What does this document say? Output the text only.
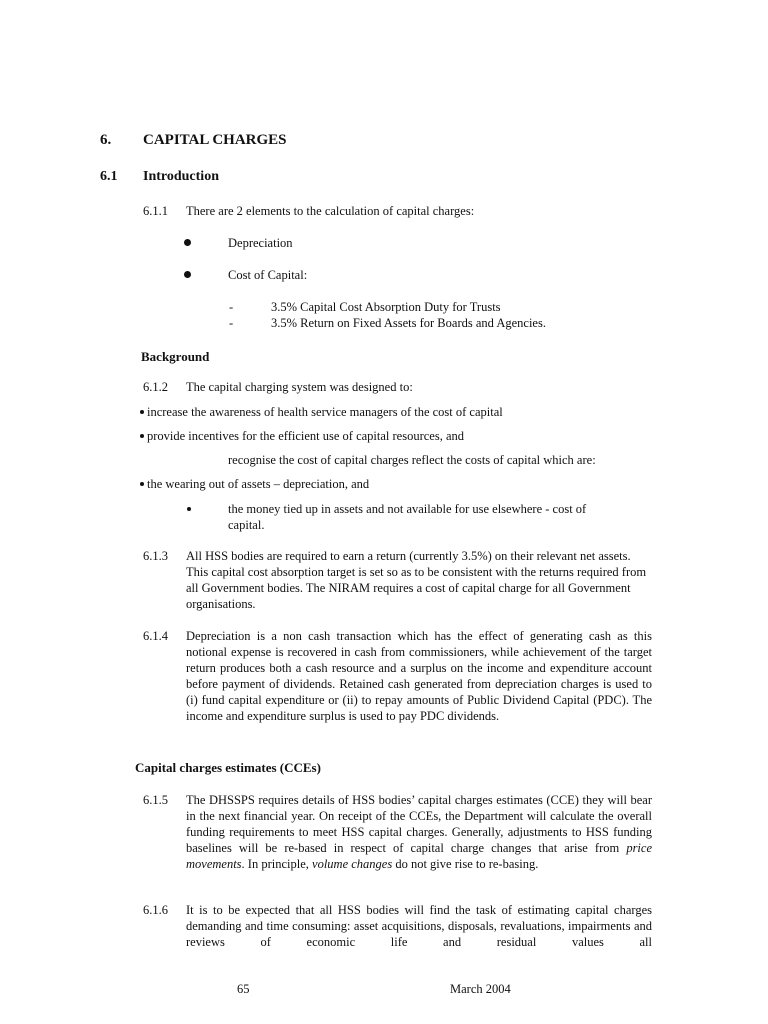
6. CAPITAL CHARGES
6.1 Introduction
6.1.1 There are 2 elements to the calculation of capital charges:
Depreciation
Cost of Capital:
-	3.5% Capital Cost Absorption Duty for Trusts
-	3.5% Return on Fixed Assets for Boards and Agencies.
Background
6.1.2 The capital charging system was designed to:
increase the awareness of health service managers of the cost of capital
provide incentives for the efficient use of capital resources, and
recognise the cost of capital charges reflect the costs of capital which are:
the wearing out of assets – depreciation, and
the money tied up in assets and not available for use elsewhere - cost of
capital.
6.1.3 All HSS bodies are required to earn a return (currently 3.5%) on their relevant net assets. This capital cost absorption target is set so as to be consistent with the returns required from all Government bodies. The NIRAM requires a cost of capital charge for all Government organisations.
6.1.4 Depreciation is a non cash transaction which has the effect of generating cash as this notional expense is recovered in cash from commissioners, while achievement of the target return produces both a cash resource and a surplus on the income and expenditure account before payment of dividends. Retained cash generated from depreciation charges is used to (i) fund capital expenditure or (ii) to repay amounts of Public Dividend Capital (PDC). The income and expenditure surplus is used to pay PDC dividends.
Capital charges estimates (CCEs)
6.1.5 The DHSSPS requires details of HSS bodies’ capital charges estimates (CCE) they will bear in the next financial year. On receipt of the CCEs, the Department will calculate the overall funding requirements to meet HSS capital charges. Generally, adjustments to HSS funding baselines will be re-based in respect of capital charge changes that arise from price movements. In principle, volume changes do not give rise to re-basing.
6.1.6 It is to be expected that all HSS bodies will find the task of estimating capital charges demanding and time consuming: asset acquisitions, disposals, revaluations, impairments and reviews of economic life and residual values all
65	March 2004
